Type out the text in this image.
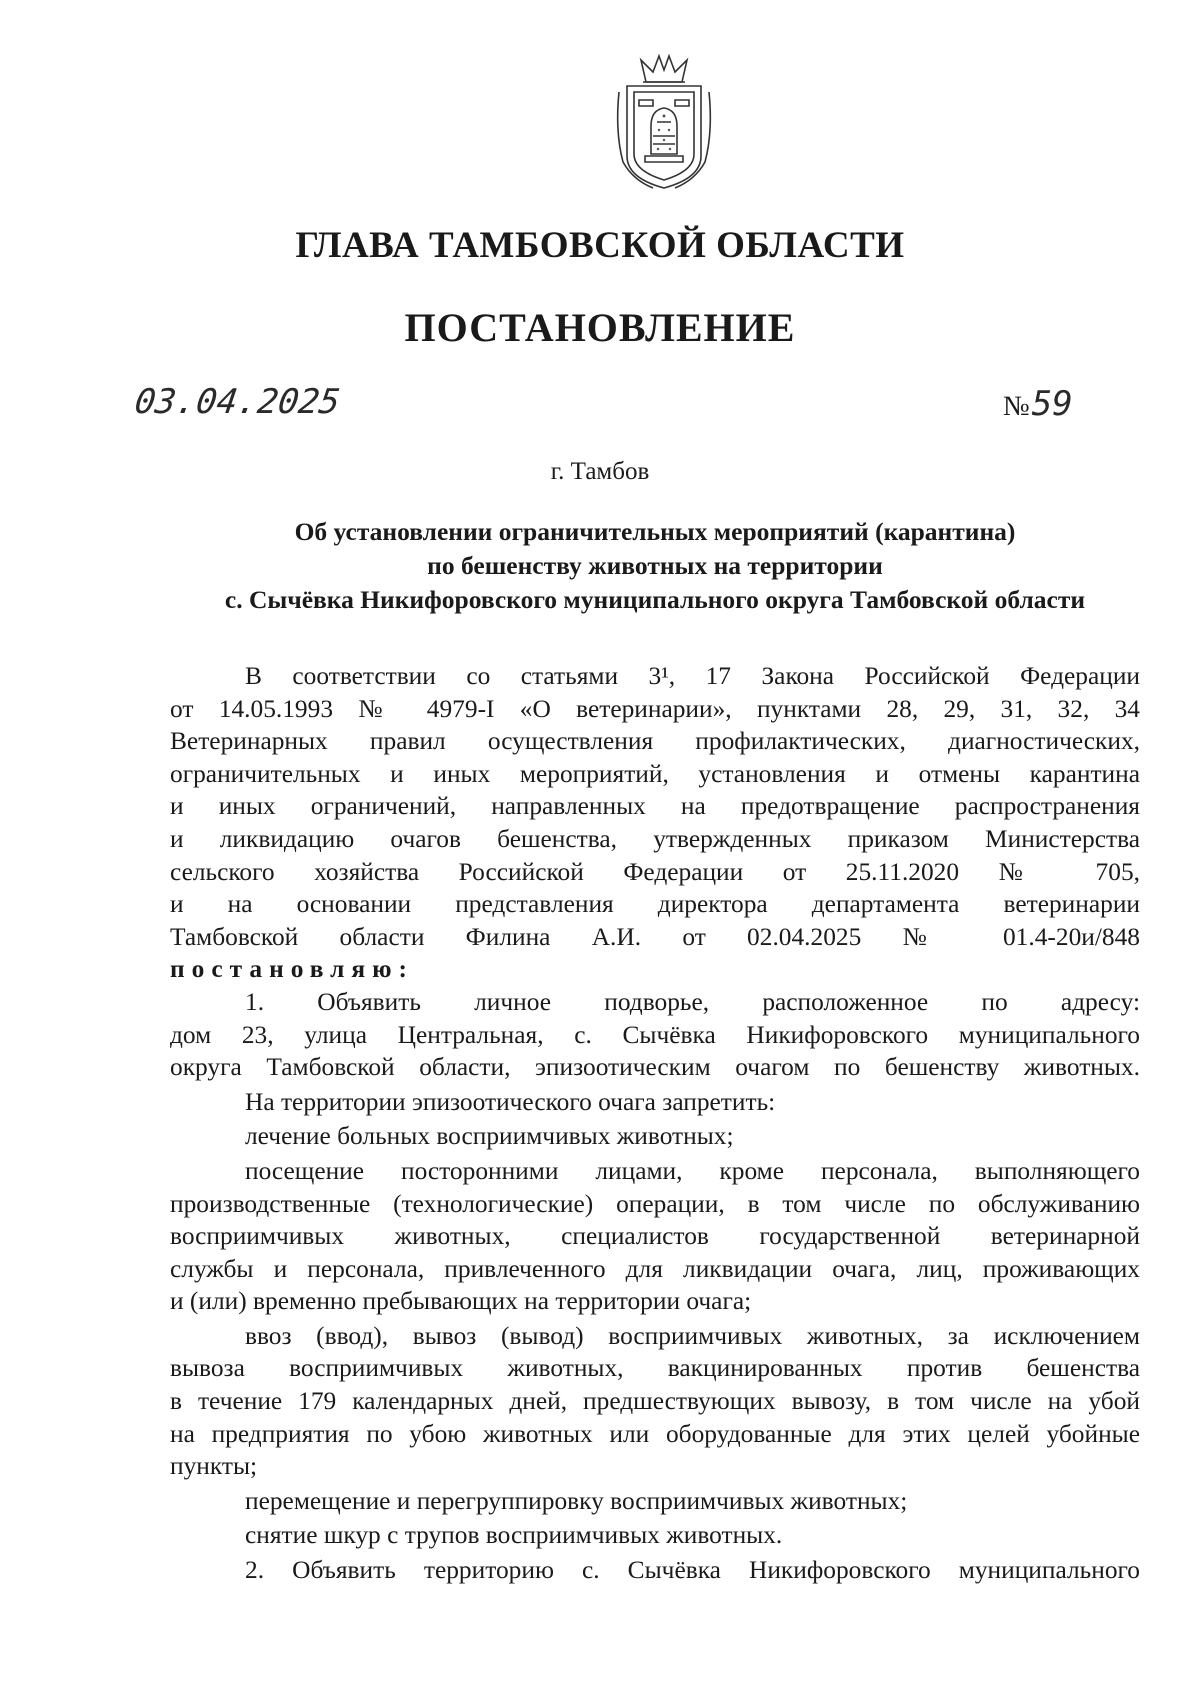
ГЛАВА ТАМБОВСКОЙ ОБЛАСТИ
ПОСТАНОВЛЕНИЕ
03.04.2025	№59
г. Тамбов
Об установлении ограничительных мероприятий (карантина)
по бешенству животных на территории
с. Сычёвка Никифоровского муниципального округа Тамбовской области
В соответствии со статьями 3¹, 17 Закона Российской Федерации
от 14.05.1993 № 4979-I «О ветеринарии», пунктами 28, 29, 31, 32, 34
Ветеринарных правил осуществления профилактических, диагностических,
ограничительных и иных мероприятий, установления и отмены карантина
и иных ограничений, направленных на предотвращение распространения
и ликвидацию очагов бешенства, утвержденных приказом Министерства
сельского хозяйства Российской Федерации от 25.11.2020 № 705,
и на основании представления директора департамента ветеринарии
Тамбовской области Филина А.И. от 02.04.2025 № 01.4-20и/848
постановляю:
1. Объявить личное подворье, расположенное по адресу:
дом 23, улица Центральная, с. Сычёвка Никифоровского муниципального
округа Тамбовской области, эпизоотическим очагом по бешенству животных.
На территории эпизоотического очага запретить:
лечение больных восприимчивых животных;
посещение посторонними лицами, кроме персонала, выполняющего
производственные (технологические) операции, в том числе по обслуживанию
восприимчивых животных, специалистов государственной ветеринарной
службы и персонала, привлеченного для ликвидации очага, лиц, проживающих
и (или) временно пребывающих на территории очага;
ввоз (ввод), вывоз (вывод) восприимчивых животных, за исключением
вывоза восприимчивых животных, вакцинированных против бешенства
в течение 179 календарных дней, предшествующих вывозу, в том числе на убой
на предприятия по убою животных или оборудованные для этих целей убойные
пункты;
перемещение и перегруппировку восприимчивых животных;
снятие шкур с трупов восприимчивых животных.
2. Объявить территорию с. Сычёвка Никифоровского муниципального
